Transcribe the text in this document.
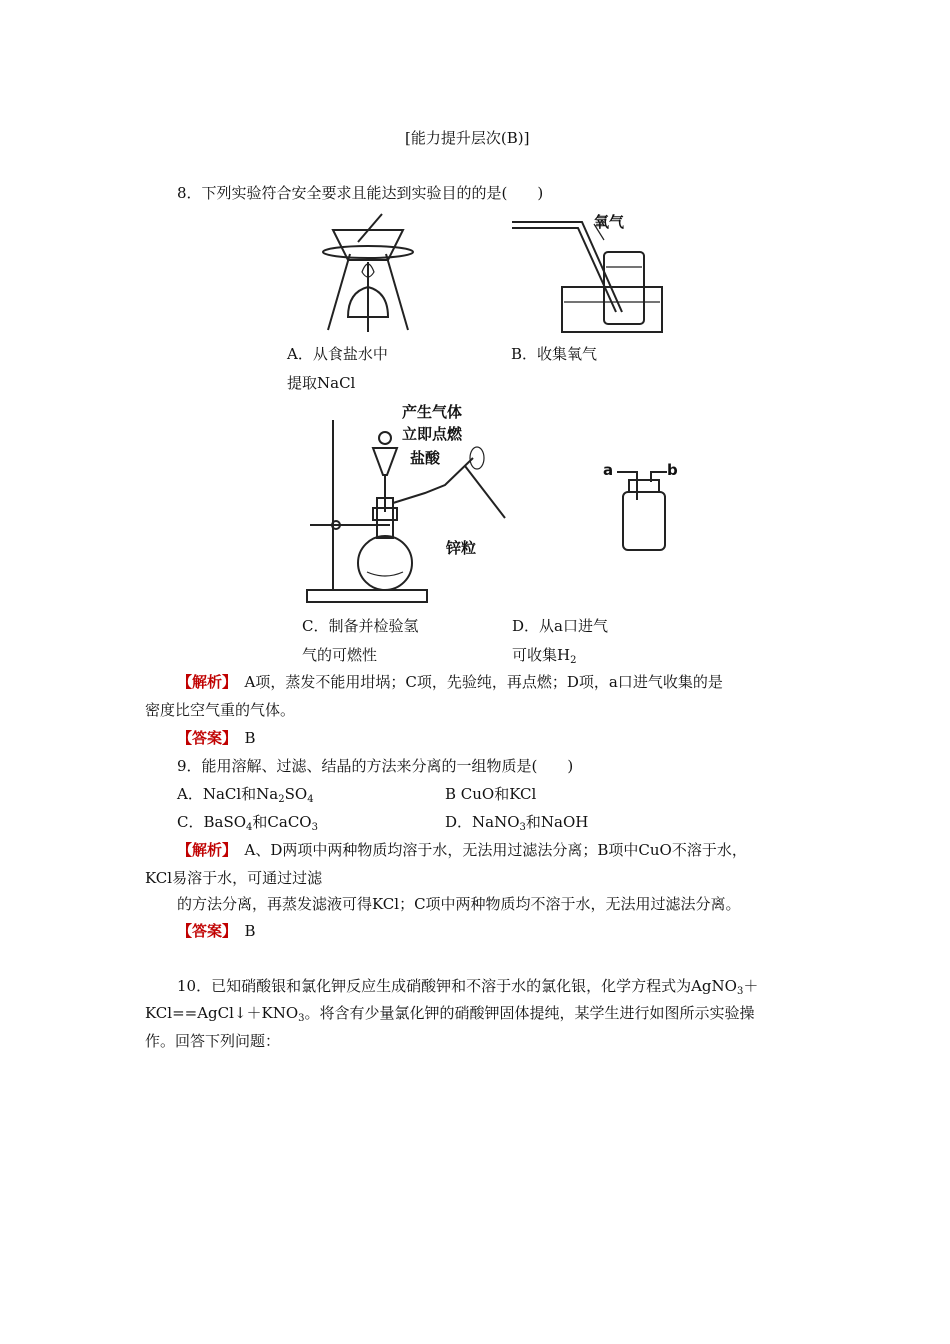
[能力提升层次(B)]
8．下列实验符合安全要求且能达到实验目的的是(　　)
氧气
A．从食盐水中
提取NaCl
B．收集氧气
产生气体
立即点燃
盐酸
锌粒
a	b
C．制备并检验氢
气的可燃性
D．从a口进气
可收集$H_2$
【解析】　 A项，蒸发不能用坩埚；C项，先验纯，再点燃；D项，a口进气收集的是
密度比空气重的气体。
【答案】　 B
9．能用溶解、过滤、结晶的方法来分离的一组物质是(　　)
A．NaCl和$Na_2SO_4$	B CuO和KCl
C．BaSO$_4$和CaCO$_3$	D．NaNO$_3$和NaOH
【解析】　 A、D两项中两种物质均溶于水，无法用过滤法分离；B项中CuO不溶于水，
KCl易溶于水，可通过过滤
的方法分离，再蒸发滤液可得KCl；C项中两种物质均不溶于水，无法用过滤法分离。
【答案】　 B
10．已知硝酸银和氯化钾反应生成硝酸钾和不溶于水的氯化银，化学方程式为AgNO$_3$＋
$KCl==AgCl↓+KNO_3$。将含有少量氯化钾的硝酸钾固体提纯，某学生进行如图所示实验操
作。回答下列问题：
